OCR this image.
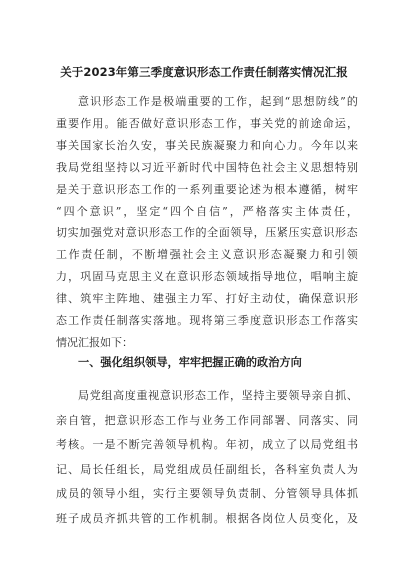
关于2023年第三季度意识形态工作责任制落实情况汇报
意 识 形 态 工 作 是 极 端 重 要 的 工 作 ， 起 到 “ 思 想 防 线 ” 的
重 要 作 用 。 能 否 做 好 意 识 形 态 工 作 ， 事 关 党 的 前 途 命 运 ，
事 关 国 家 长 治 久 安 ， 事 关 民 族 凝 聚 力 和 向 心 力 。 今 年 以 来
我 局 党 组 坚 持 以 习 近 平 新 时 代 中 国 特 色 社 会 主 义 思 想 特 别
是 关 于 意 识 形 态 工 作 的 一 系 列 重 要 论 述 为 根 本 遵 循 ， 树 牢
“ 四 个 意 识 ” ， 坚 定 “ 四 个 自 信 ” ， 严 格 落 实 主 体 责 任 ，
切 实 加 强 党 对 意 识 形 态 工 作 的 全 面 领 导 ， 压 紧 压 实 意 识 形 态
工 作 责 任 制 ， 不 断 增 强 社 会 主 义 意 识 形 态 凝 聚 力 和 引 领
力 ， 巩 固 马 克 思 主 义 在 意 识 形 态 领 域 指 导 地 位 ， 唱 响 主 旋
律 、 筑 牢 主 阵 地 、 建 强 主 力 军 、 打 好 主 动 仗 ， 确 保 意 识 形
态 工 作 责 任 制 落 实 落 地 。 现 将 第 三 季 度 意 识 形 态 工 作 落 实
情 况 汇 报 如 下 ：
一、强化组织领导，牢牢把握正确的政治方向
局 党 组 高 度 重 视 意 识 形 态 工 作 ， 坚 持 主 要 领 导 亲 自 抓 、
亲 自 管 ， 把 意 识 形 态 工 作 与 业 务 工 作 同 部 署 、 同 落 实 、 同
考 核 。 一 是 不 断 完 善 领 导 机 构 。 年 初 ， 成 立 了 以 局 党 组 书
记 、 局 长 任 组 长 ， 局 党 组 成 员 任 副 组 长 ， 各 科 室 负 责 人 为
成 员 的 领 导 小 组 ， 实 行 主 要 领 导 负 责 制 、 分 管 领 导 具 体 抓
班 子 成 员 齐 抓 共 管 的 工 作 机 制 。 根 据 各 岗 位 人 员 变 化 ， 及
